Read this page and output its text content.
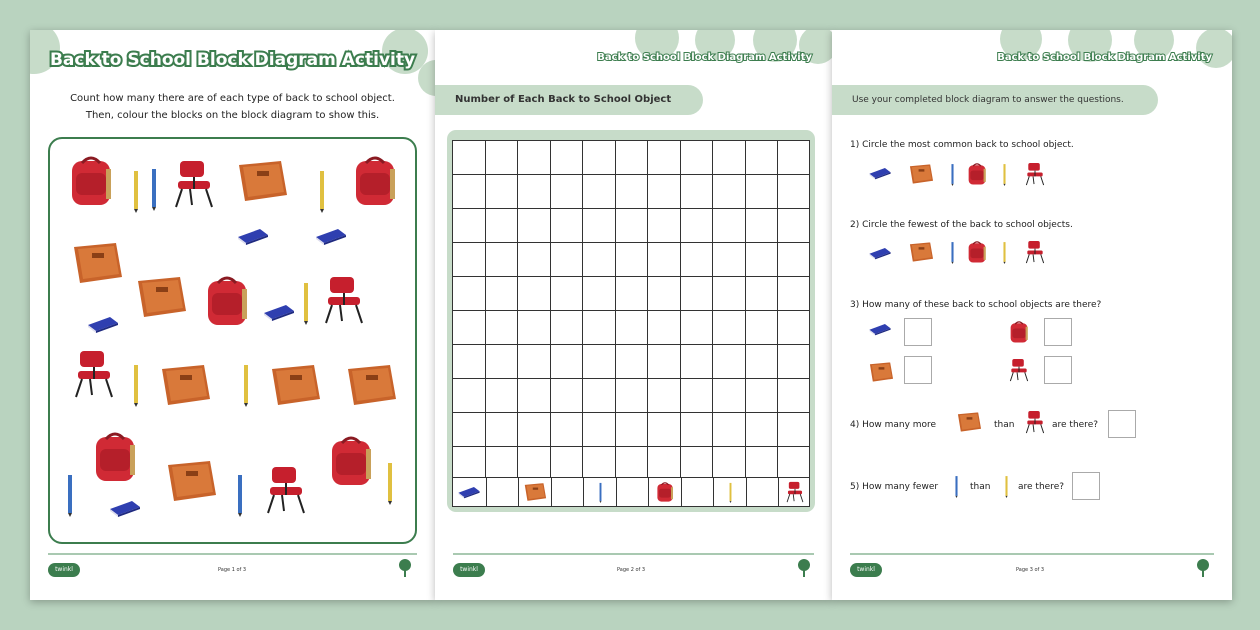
Back to School Block Diagram Activity
Count how many there are of each type of back to school object.
Then, colour the blocks on the block diagram to show this.
twinkl	Page 1 of 3
Back to School Block Diagram Activity
Number of Each Back to School Object
twinkl	Page 2 of 3
Back to School Block Diagram Activity
Use your completed block diagram to answer the questions.
1) Circle the most common back to school object.
2) Circle the fewest of the back to school objects.
3) How many of these back to school objects are there?
4) How many more	than	are there?
5) How many fewer	than	are there?
twinkl	Page 3 of 3
